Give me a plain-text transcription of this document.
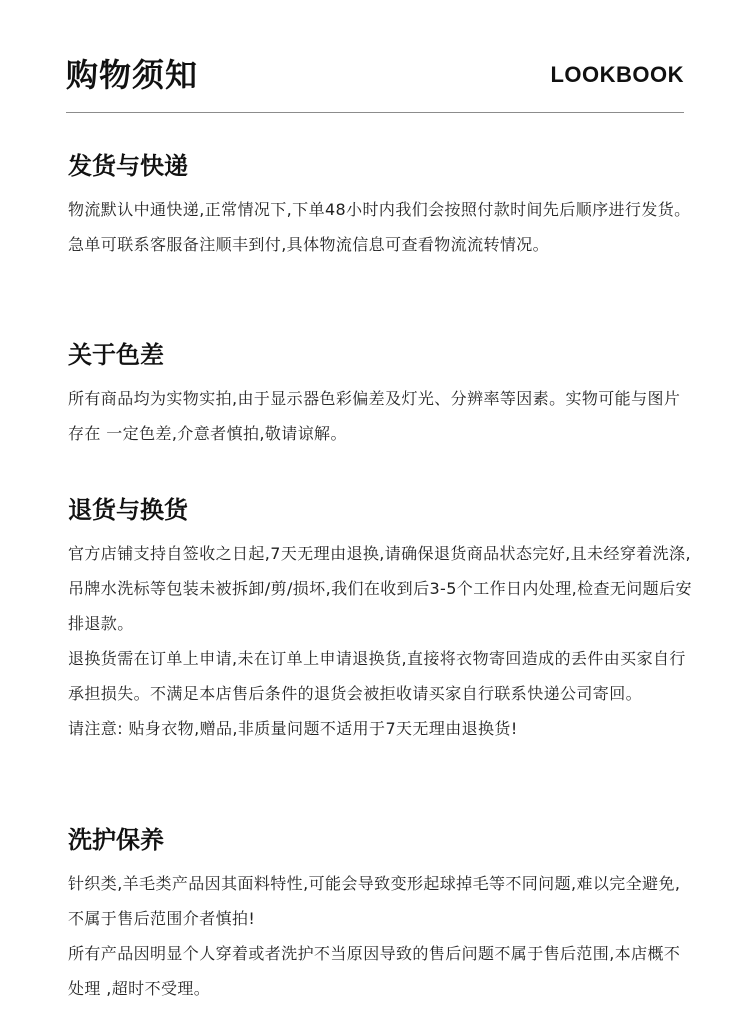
购物须知	LOOKBOOK
发货与快递

物流默认中通快递,正常情况下,下单48小时内我们会按照付款时间先后顺序进行发货。  急单可联系客服备注顺丰到付,具体物流信息可查看物流流转情况。

关于色差

所有商品均为实物实拍,由于显示器色彩偏差及灯光、分辨率等因素。实物可能与图片存在 一定色差,介意者慎拍,敬请谅解。

退货与换货

官方店铺支持自签收之日起,7天无理由退换,请确保退货商品状态完好,且未经穿着洗涤,吊牌水洗标等包装未被拆卸/剪/损坏,我们在收到后3-5个工作日内处理,检查无问题后安排退款。

退换货需在订单上申请,未在订单上申请退换货,直接将衣物寄回造成的丢件由买家自行承担损失。不满足本店售后条件的退货会被拒收请买家自行联系快递公司寄回。

请注意: 贴身衣物,赠品,非质量问题不适用于7天无理由退换货!

洗护保养

针织类,羊毛类产品因其面料特性,可能会导致变形起球掉毛等不同问题,难以完全避免, 不属于售后范围介者慎拍!

所有产品因明显个人穿着或者洗护不当原因导致的售后问题不属于售后范围,本店概不处理 ,超时不受理。
